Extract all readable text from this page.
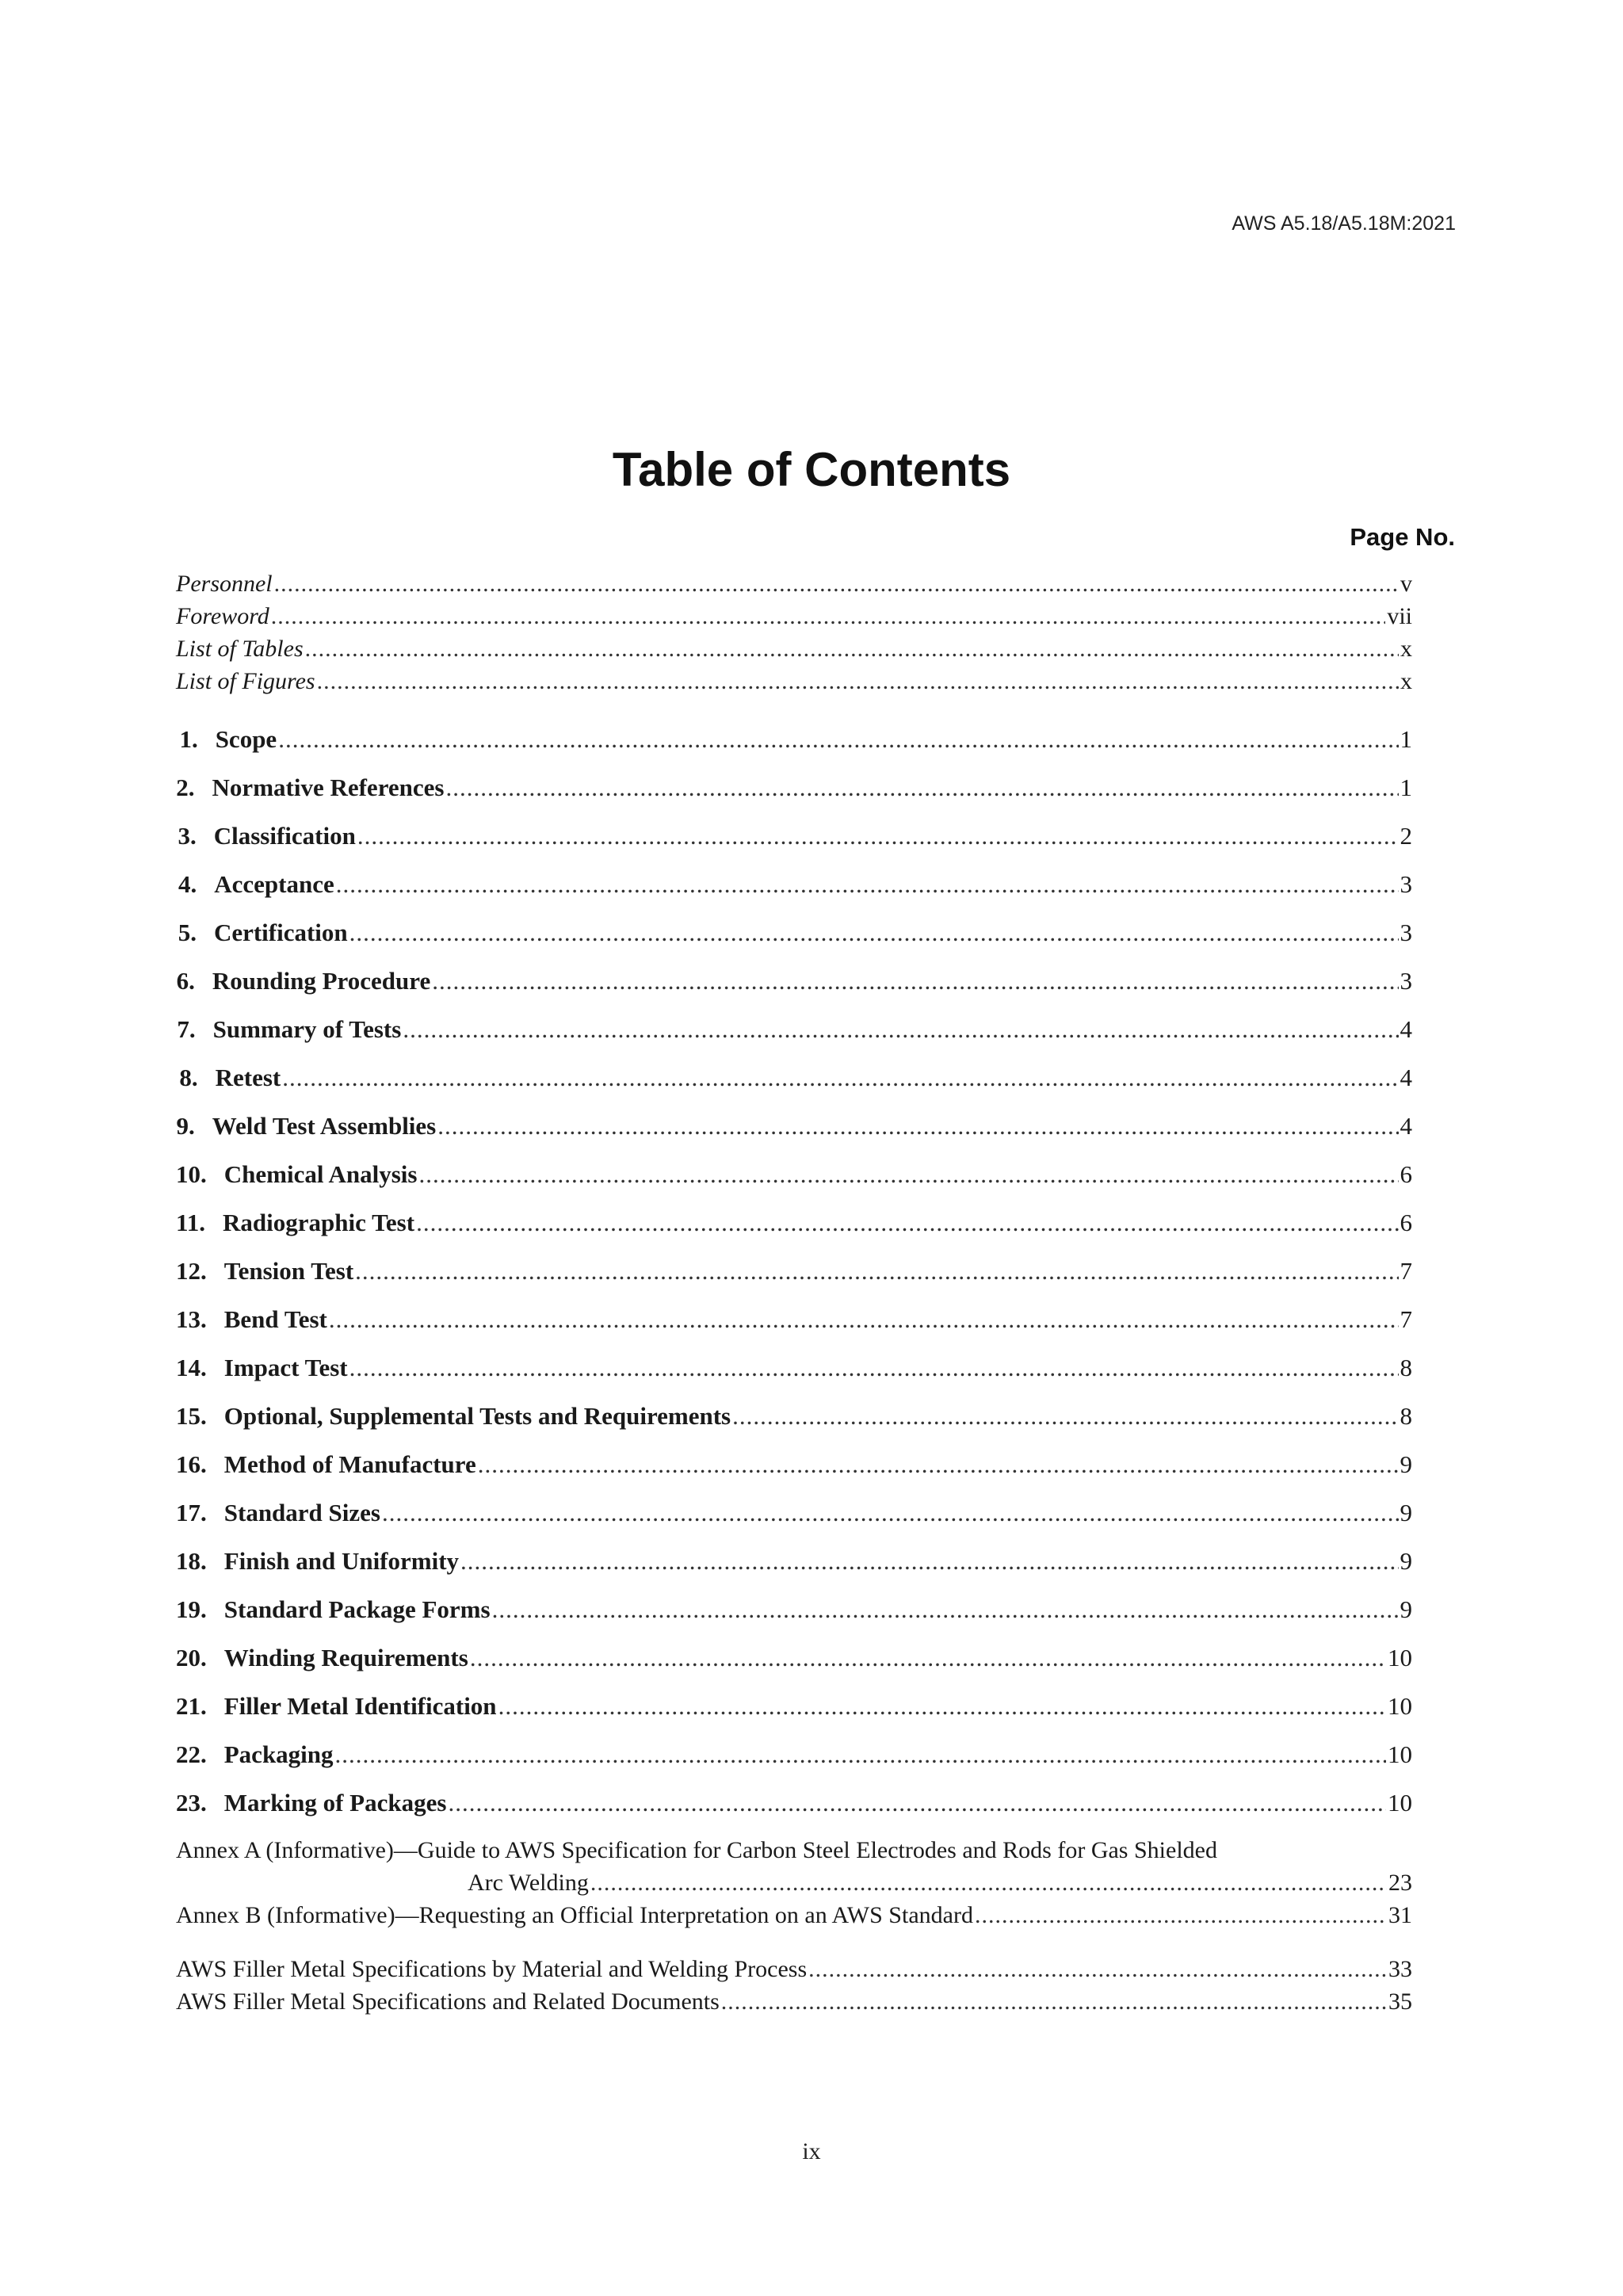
AWS A5.18/A5.18M:2021
Table of Contents
Page No.
Personnel .....	v
Foreword .....	vii
List of Tables .....	x
List of Figures .....	x
1. Scope .....	1
2. Normative References .....	1
3. Classification .....	2
4. Acceptance .....	3
5. Certification .....	3
6. Rounding Procedure .....	3
7. Summary of Tests .....	4
8. Retest .....	4
9. Weld Test Assemblies .....	4
10. Chemical Analysis .....	6
11. Radiographic Test .....	6
12. Tension Test .....	7
13. Bend Test .....	7
14. Impact Test .....	8
15. Optional, Supplemental Tests and Requirements .....	8
16. Method of Manufacture .....	9
17. Standard Sizes .....	9
18. Finish and Uniformity .....	9
19. Standard Package Forms .....	9
20. Winding Requirements .....	10
21. Filler Metal Identification .....	10
22. Packaging .....	10
23. Marking of Packages .....	10
Annex A (Informative)—Guide to AWS Specification for Carbon Steel Electrodes and Rods for Gas Shielded
Arc Welding .....	23
Annex B (Informative)—Requesting an Official Interpretation on an AWS Standard .....	31
AWS Filler Metal Specifications by Material and Welding Process .....	33
AWS Filler Metal Specifications and Related Documents .....	35
ix
